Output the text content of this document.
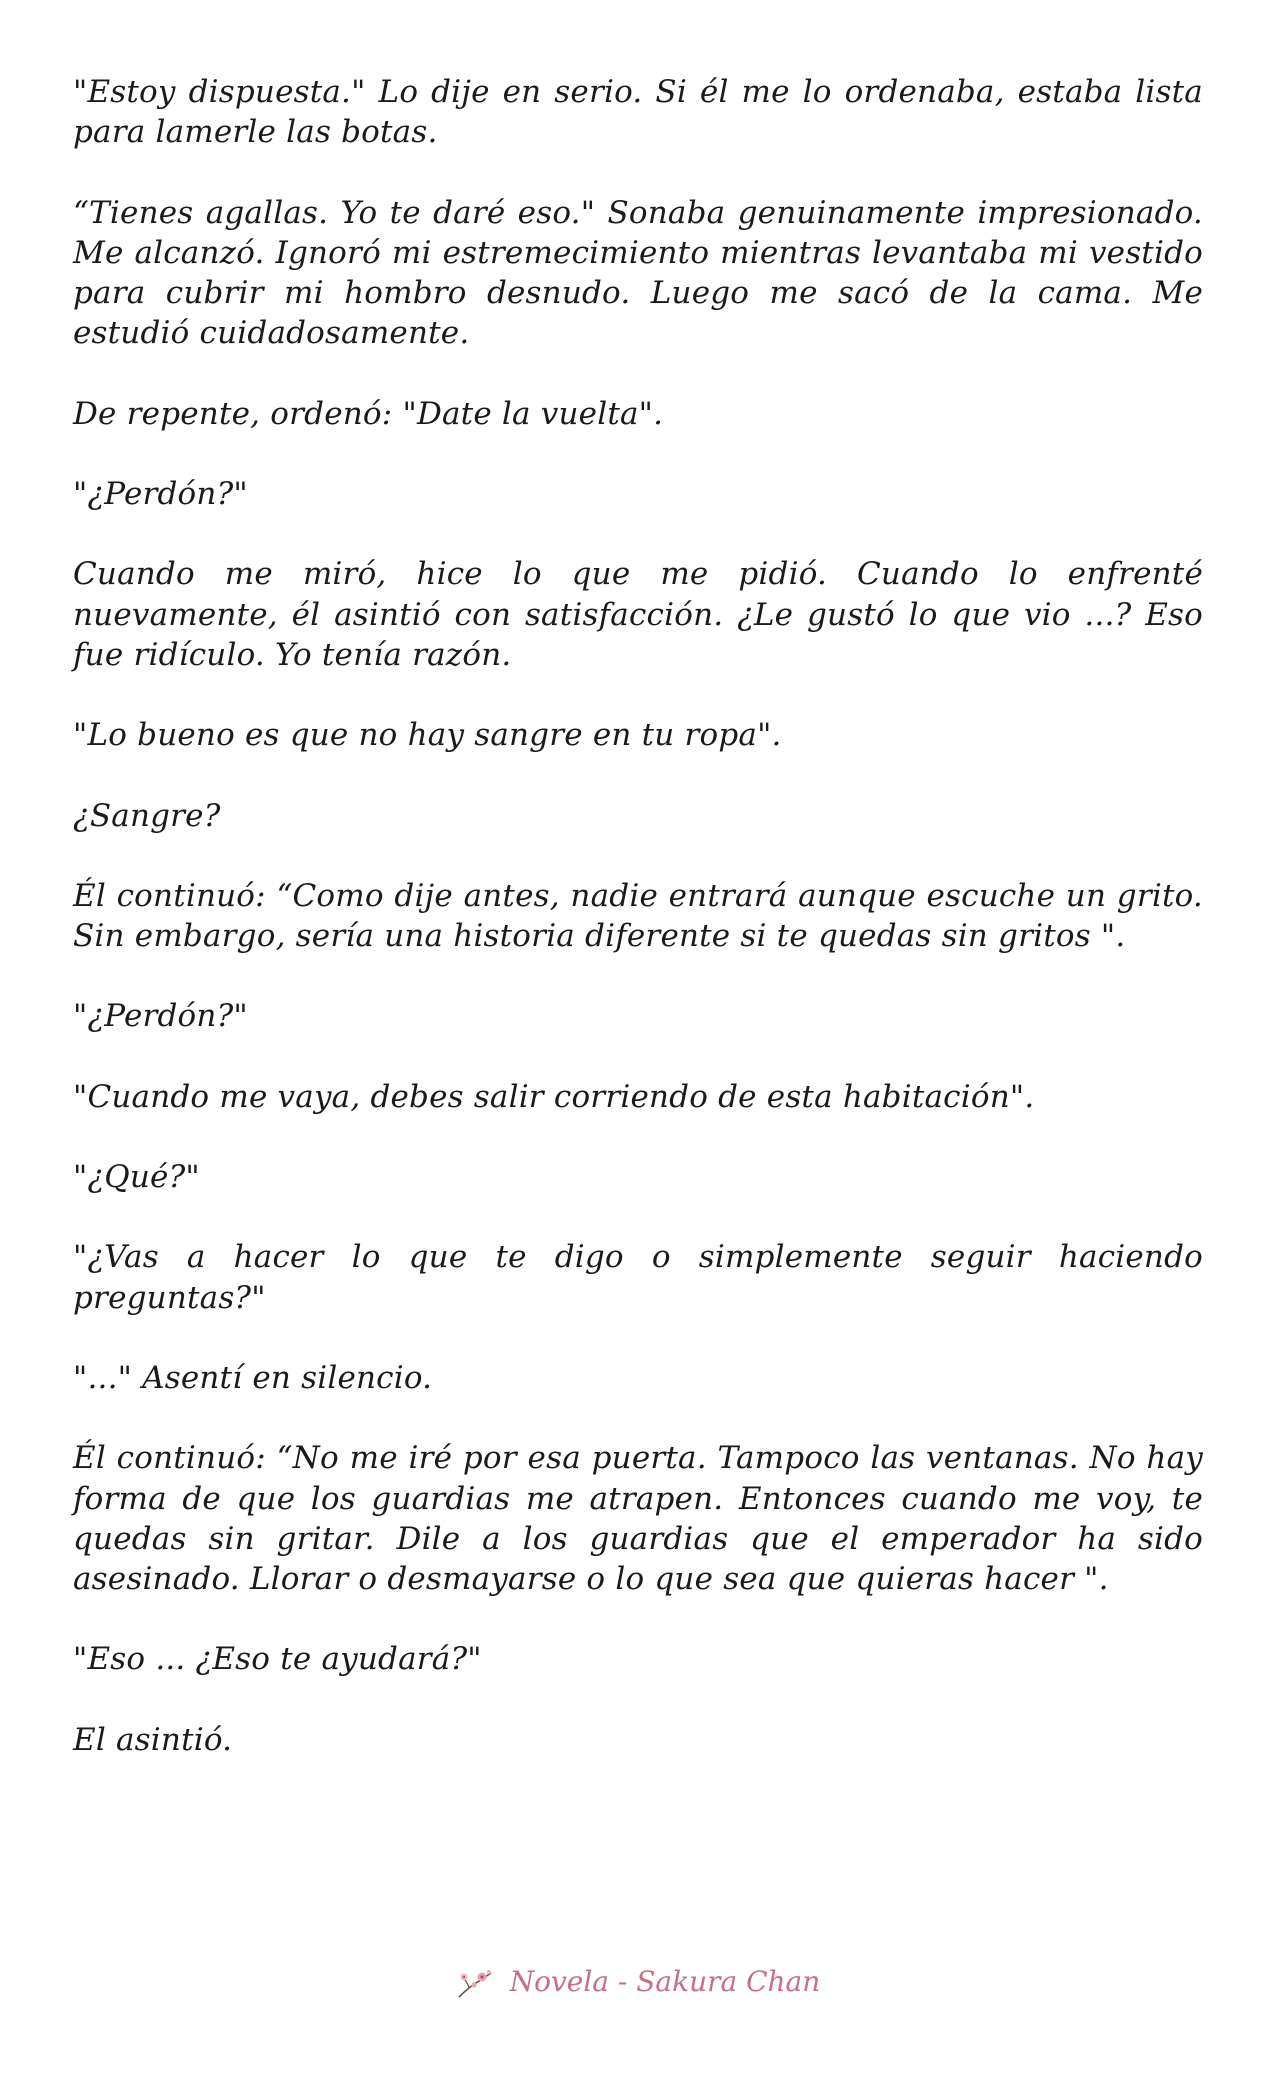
"Estoy dispuesta." Lo dije en serio. Si él me lo ordenaba, estaba lista para lamerle las botas.

“Tienes agallas. Yo te daré eso." Sonaba genuinamente impresionado. Me alcanzó. Ignoró mi estremecimiento mientras levantaba mi vestido para cubrir mi hombro desnudo. Luego me sacó de la cama. Me estudió cuidadosamente.

De repente, ordenó: "Date la vuelta".

"¿Perdón?"

Cuando me miró, hice lo que me pidió. Cuando lo enfrenté nuevamente, él asintió con satisfacción. ¿Le gustó lo que vio ...? Eso fue ridículo. Yo tenía razón.

"Lo bueno es que no hay sangre en tu ropa".

¿Sangre?

Él continuó: “Como dije antes, nadie entrará aunque escuche un grito. Sin embargo, sería una historia diferente si te quedas sin gritos ".

"¿Perdón?"

"Cuando me vaya, debes salir corriendo de esta habitación".

"¿Qué?"

"¿Vas a hacer lo que te digo o simplemente seguir haciendo preguntas?"

"..." Asentí en silencio.

Él continuó: “No me iré por esa puerta. Tampoco las ventanas. No hay forma de que los guardias me atrapen. Entonces cuando me voy, te quedas sin gritar. Dile a los guardias que el emperador ha sido asesinado. Llorar o desmayarse o lo que sea que quieras hacer ".

"Eso ... ¿Eso te ayudará?"

El asintió.

Novela - Sakura Chan
